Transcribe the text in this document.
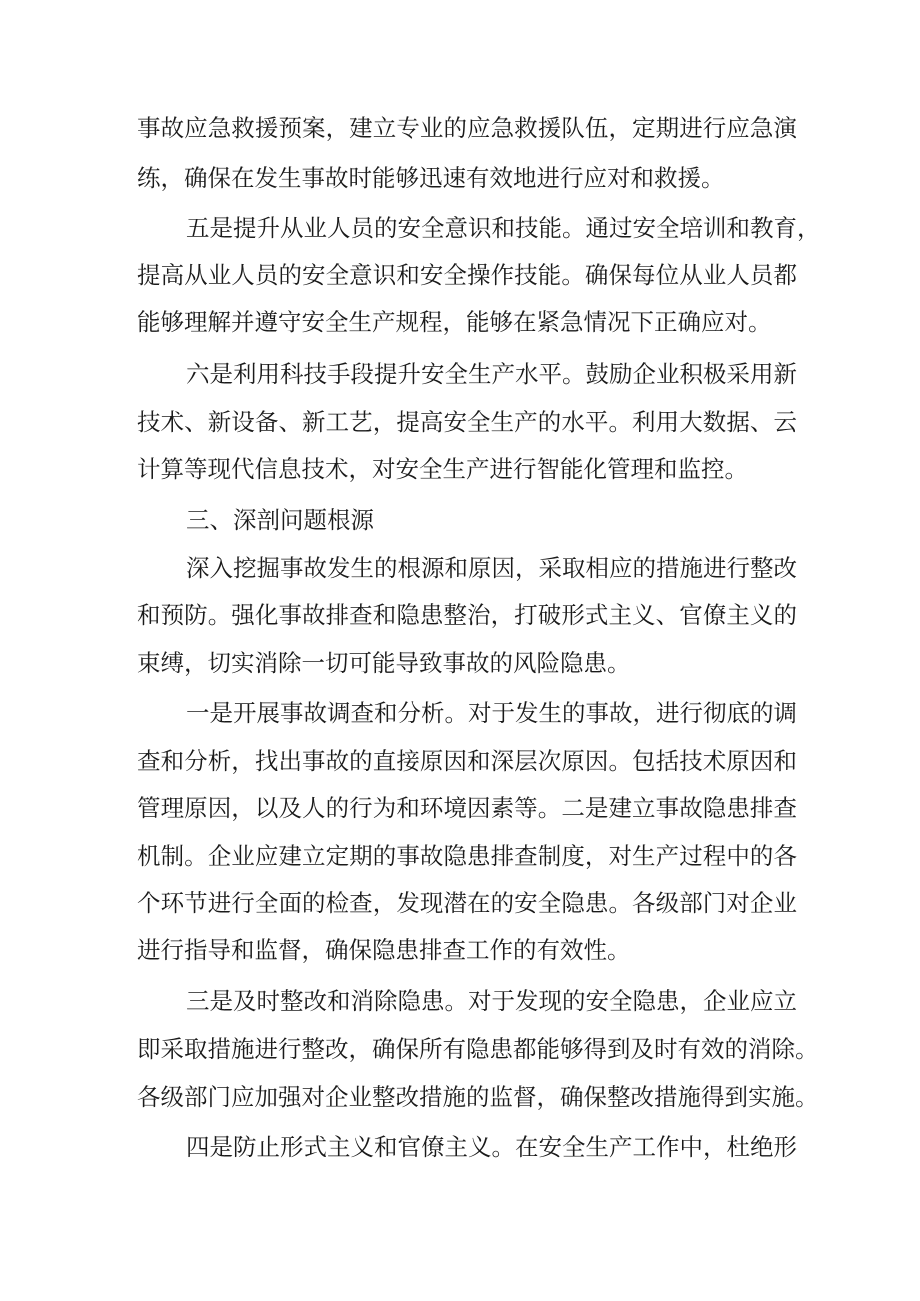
事故应急救援预案，建立专业的应急救援队伍，定期进行应急演
练，确保在发生事故时能够迅速有效地进行应对和救援。
五是提升从业人员的安全意识和技能。通过安全培训和教育，
提高从业人员的安全意识和安全操作技能。确保每位从业人员都
能够理解并遵守安全生产规程，能够在紧急情况下正确应对。
六是利用科技手段提升安全生产水平。鼓励企业积极采用新
技术、新设备、新工艺，提高安全生产的水平。利用大数据、云
计算等现代信息技术，对安全生产进行智能化管理和监控。
三、深剖问题根源
深入挖掘事故发生的根源和原因，采取相应的措施进行整改
和预防。强化事故排查和隐患整治，打破形式主义、官僚主义的
束缚，切实消除一切可能导致事故的风险隐患。
一是开展事故调查和分析。对于发生的事故，进行彻底的调
查和分析，找出事故的直接原因和深层次原因。包括技术原因和
管理原因，以及人的行为和环境因素等。二是建立事故隐患排查
机制。企业应建立定期的事故隐患排查制度，对生产过程中的各
个环节进行全面的检查，发现潜在的安全隐患。各级部门对企业
进行指导和监督，确保隐患排查工作的有效性。
三是及时整改和消除隐患。对于发现的安全隐患，企业应立
即采取措施进行整改，确保所有隐患都能够得到及时有效的消除。
各级部门应加强对企业整改措施的监督，确保整改措施得到实施。
四是防止形式主义和官僚主义。在安全生产工作中，杜绝形
